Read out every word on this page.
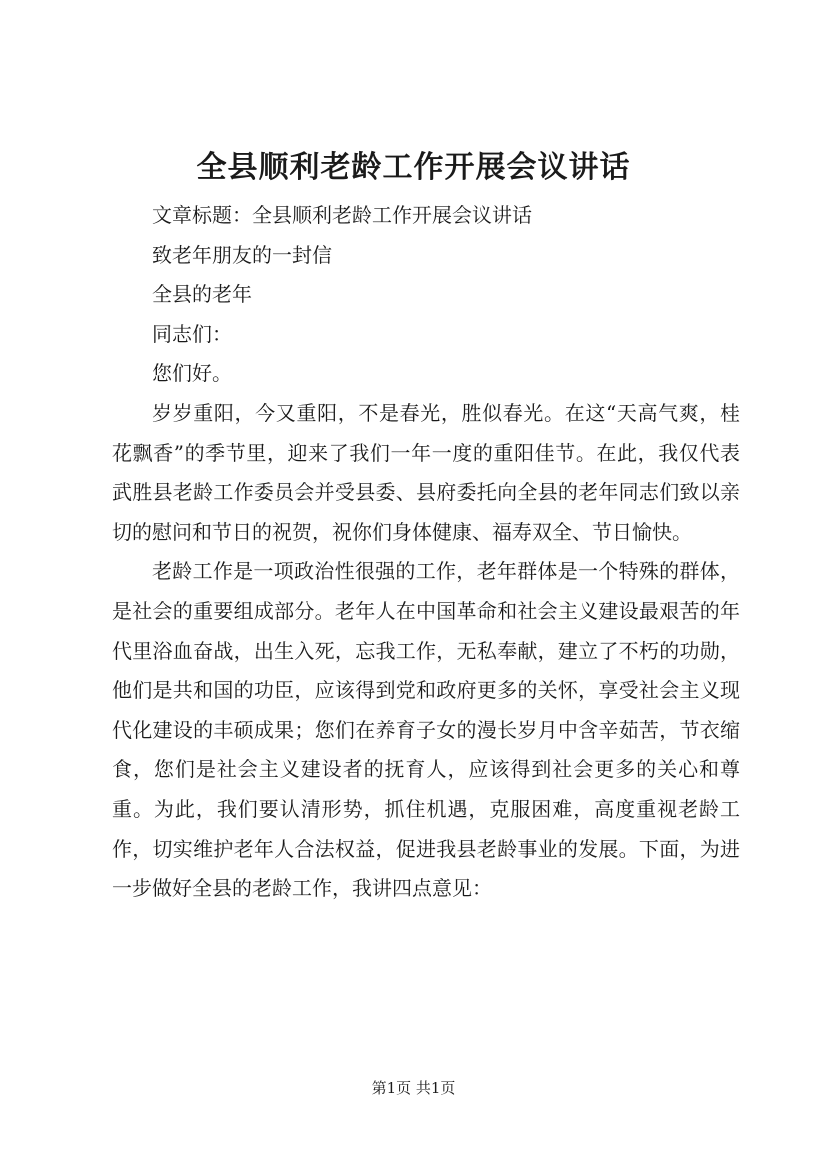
全县顺利老龄工作开展会议讲话

文章标题：全县顺利老龄工作开展会议讲话

致老年朋友的一封信

全县的老年

同志们：

您们好。

岁岁重阳，今又重阳，不是春光，胜似春光。在这“天高气爽，桂花飘香”的季节里，迎来了我们一年一度的重阳佳节。在此，我仅代表武胜县老龄工作委员会并受县委、县府委托向全县的老年同志们致以亲切的慰问和节日的祝贺，祝你们身体健康、福寿双全、节日愉快。

老龄工作是一项政治性很强的工作，老年群体是一个特殊的群体，是社会的重要组成部分。老年人在中国革命和社会主义建设最艰苦的年代里浴血奋战，出生入死，忘我工作，无私奉献，建立了不朽的功勋，他们是共和国的功臣，应该得到党和政府更多的关怀，享受社会主义现代化建设的丰硕成果；您们在养育子女的漫长岁月中含辛茹苦，节衣缩食，您们是社会主义建设者的抚育人，应该得到社会更多的关心和尊重。为此，我们要认清形势，抓住机遇，克服困难，高度重视老龄工作，切实维护老年人合法权益，促进我县老龄事业的发展。下面，为进一步做好全县的老龄工作，我讲四点意见：

第1页 共1页
